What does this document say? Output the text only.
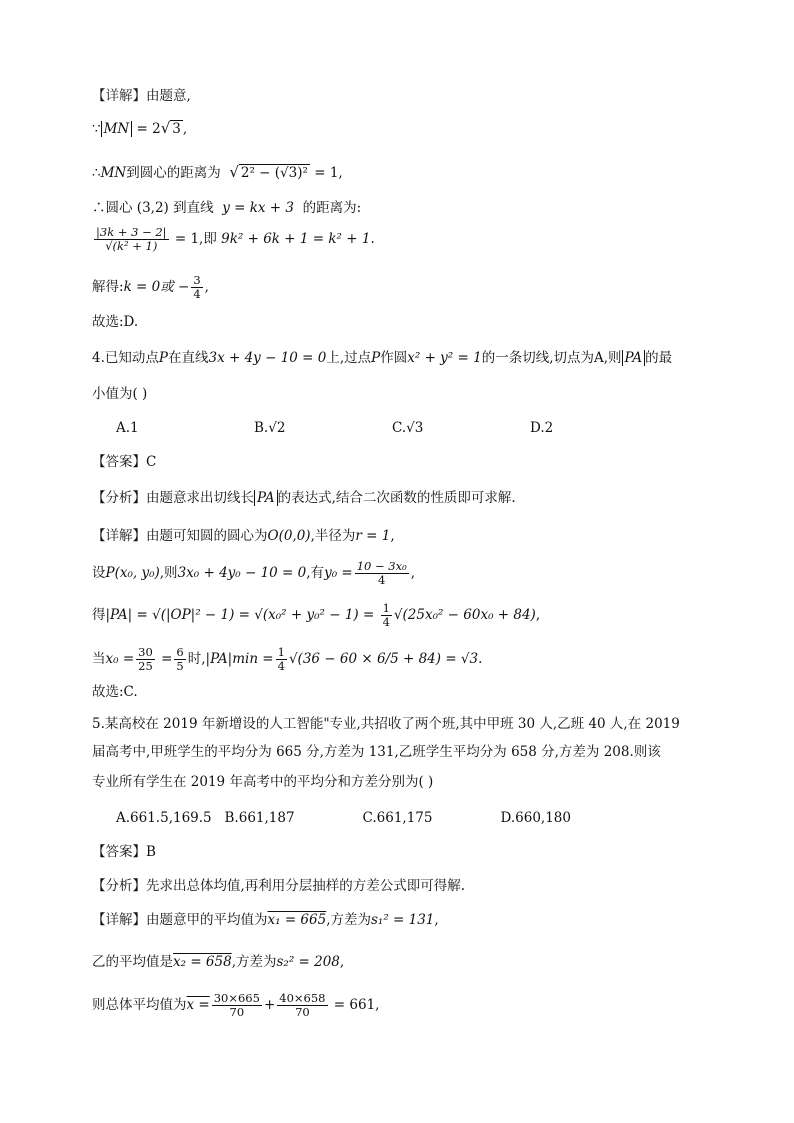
【详解】由题意,
∵ MN = 2√ 3 ,
∴MN到圆心的距离为 √ 2² − (√3)² = 1,
∴圆心 (3,2) 到直线 y = kx + 3 的距离为:
$\frac{|3k + 3 - 2|}{\text{√(k² + 1)}} = 1$,即 9k² + 6k + 1 = k² + 1.
解得:k = 0或 − $\frac{3}{4}$ ,
故选:D.
4.已知动点P在直线3x + 4y − 10 = 0上,过点P作圆x² + y² = 1的一条切线,切点为A,则 PA 的最
小值为( )
A.1	B.√2	C.√3	D.2
【答案】C
【分析】由题意求出切线长 PA 的表达式,结合二次函数的性质即可求解.
【详解】由题可知圆的圆心为O(0,0),半径为r = 1,
设P(x₀, y₀),则3x₀ + 4y₀ − 10 = 0,有$y_0 = \frac{\text{10 − 3x₀}}{4}$ ,
得$|PA| = √(|OP|^2 - 1) = √(x_0^2 + y_0^2 - 1) = \frac{1}{4} √(25x_0^2 - 60x_0 + 84)$,
当$x_0 = \frac{30}{25} = \frac{6}{5}$ 时$,|PA|\min = \frac{1}{4} √(36 - 60 \times 6/5 + 84) = √3$.
故选:C.
5.某高校在 2019 年新增设的人工智能"专业,共招收了两个班,其中甲班 30 人,乙班 40 人,在 2019
届高考中,甲班学生的平均分为 665 分,方差为 131,乙班学生平均分为 658 分,方差为 208.则该
专业所有学生在 2019 年高考中的平均分和方差分别为( )
A.661.5,169.5 B.661,187	C.661,175	D.660,180
【答案】B
【分析】先求出总体均值,再利用分层抽样的方差公式即可得解.
【详解】由题意甲的平均值为x₁ = 665,方差为s₁² = 131,
乙的平均值是x₂ = 658,方差为s₂² = 208,
则总体平均值为$x = \frac{30\times 665}{70} + \frac{40\times 658}{70} = 661$,
